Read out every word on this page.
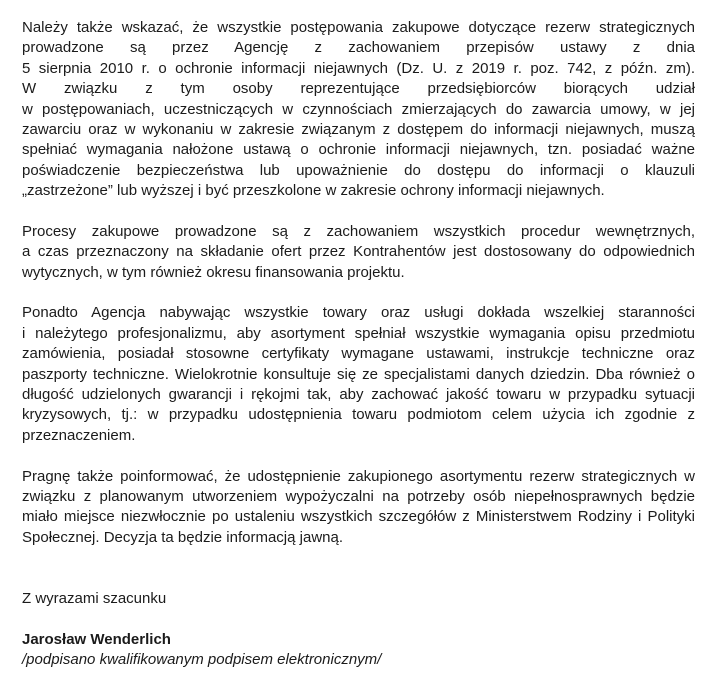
Należy także wskazać, że wszystkie postępowania zakupowe dotyczące rezerw strategicznych
prowadzone są przez Agencję z zachowaniem przepisów ustawy z dnia
5 sierpnia 2010 r. o ochronie informacji niejawnych (Dz. U. z 2019 r. poz. 742, z późn. zm).
W związku z tym osoby reprezentujące przedsiębiorców biorących udział
w postępowaniach, uczestniczących w czynnościach zmierzających do zawarcia umowy, w jej
zawarciu oraz w wykonaniu w zakresie związanym z dostępem do informacji niejawnych, muszą
spełniać wymagania nałożone ustawą o ochronie informacji niejawnych, tzn. posiadać ważne
poświadczenie bezpieczeństwa lub upoważnienie do dostępu do informacji o klauzuli
„zastrzeżone” lub wyższej i być przeszkolone w zakresie ochrony informacji niejawnych.
Procesy zakupowe prowadzone są z zachowaniem wszystkich procedur wewnętrznych,
a czas przeznaczony na składanie ofert przez Kontrahentów jest dostosowany do odpowiednich
wytycznych, w tym również okresu finansowania projektu.
Ponadto Agencja nabywając wszystkie towary oraz usługi dokłada wszelkiej staranności
i należytego profesjonalizmu, aby asortyment spełniał wszystkie wymagania opisu przedmiotu
zamówienia, posiadał stosowne certyfikaty wymagane ustawami, instrukcje techniczne oraz
paszporty techniczne. Wielokrotnie konsultuje się ze specjalistami danych dziedzin. Dba również o
długość udzielonych gwarancji i rękojmi tak, aby zachować jakość towaru w przypadku sytuacji
kryzysowych, tj.: w przypadku udostępnienia towaru podmiotom celem użycia ich zgodnie z
przeznaczeniem.
Pragnę także poinformować, że udostępnienie zakupionego asortymentu rezerw strategicznych w
związku z planowanym utworzeniem wypożyczalni na potrzeby osób niepełnosprawnych będzie
miało miejsce niezwłocznie po ustaleniu wszystkich szczegółów z Ministerstwem Rodziny i Polityki
Społecznej. Decyzja ta będzie informacją jawną.
Z wyrazami szacunku
Jarosław Wenderlich
/podpisano kwalifikowanym podpisem elektronicznym/
